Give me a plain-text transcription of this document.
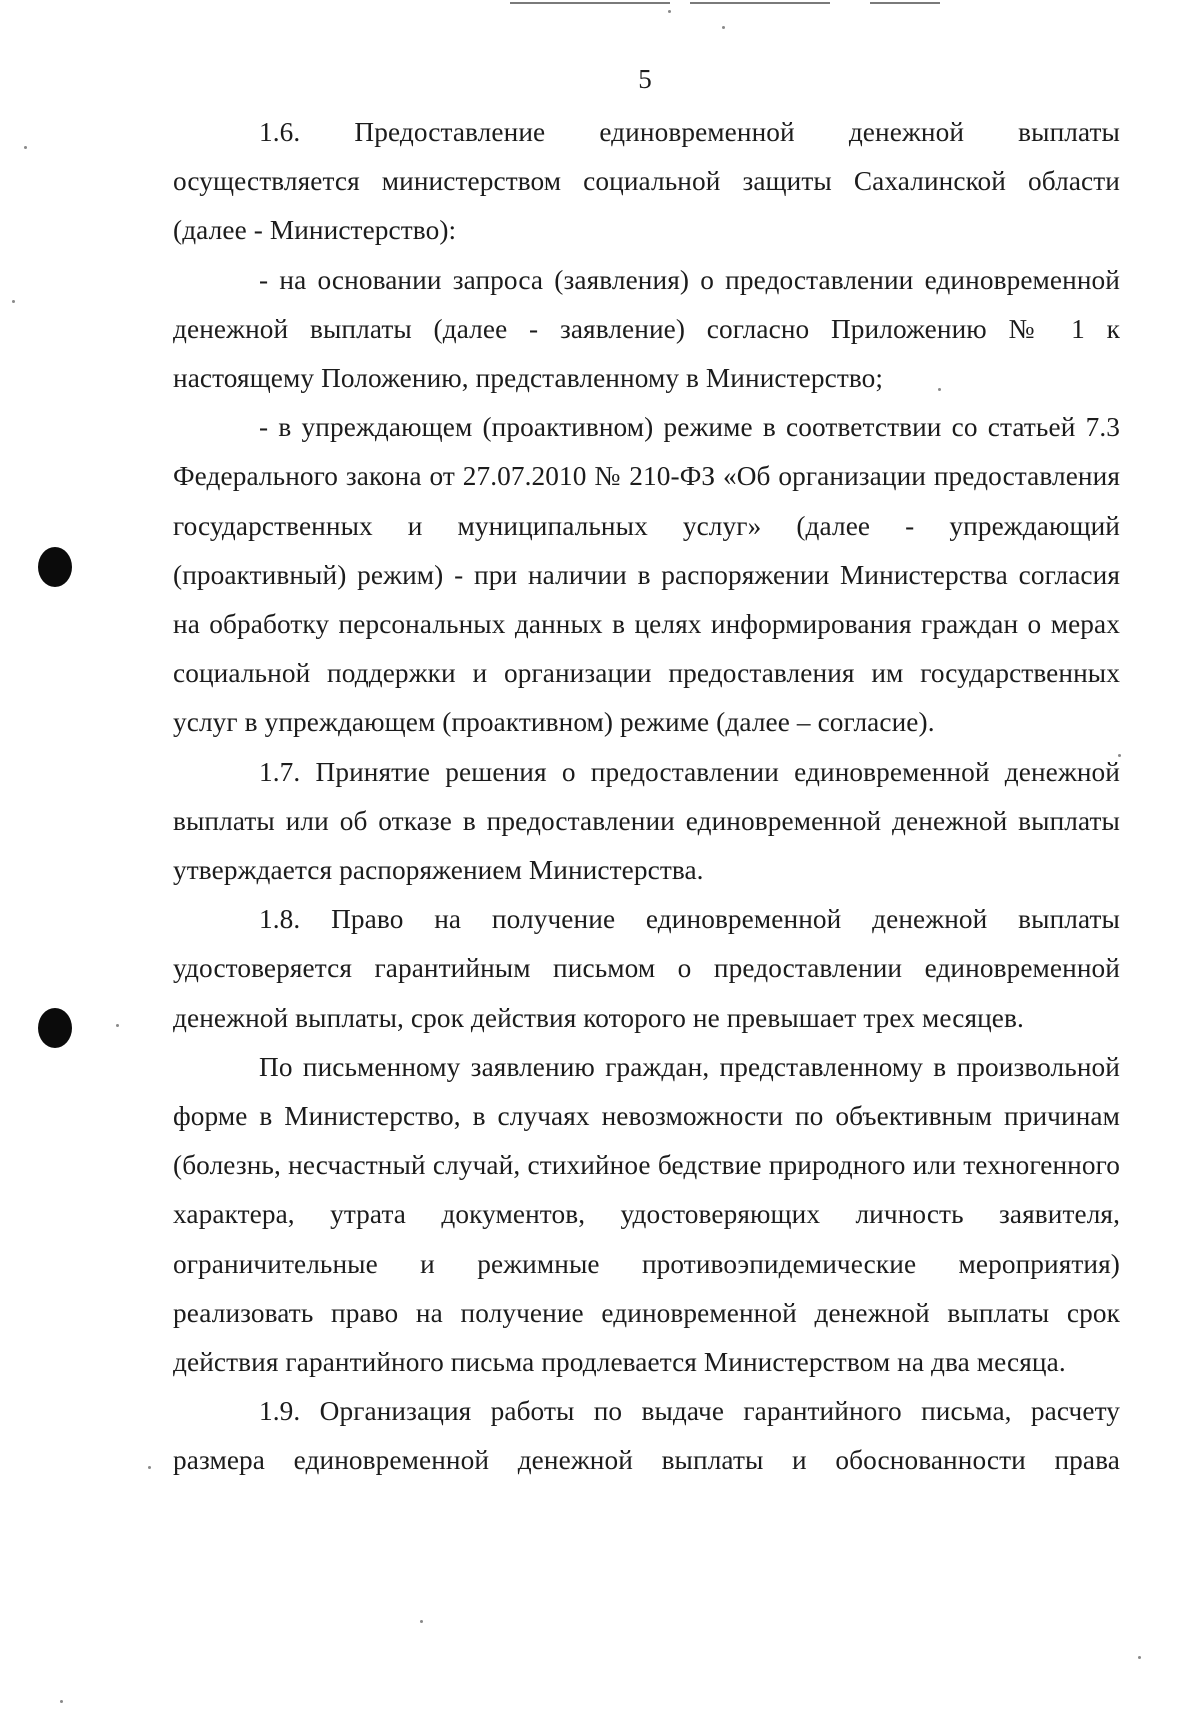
5

1.6. Предоставление единовременной денежной выплаты осуществляется министерством социальной защиты Сахалинской области (далее - Министерство):

- на основании запроса (заявления) о предоставлении единовременной денежной выплаты (далее - заявление) согласно Приложению № 1 к настоящему Положению, представленному в Министерство;

- в упреждающем (проактивном) режиме в соответствии со статьей 7.3 Федерального закона от 27.07.2010 № 210-ФЗ «Об организации предоставления государственных и муниципальных услуг» (далее - упреждающий (проактивный) режим) - при наличии в распоряжении Министерства согласия на обработку персональных данных в целях информирования граждан о мерах социальной поддержки и организации предоставления им государственных услуг в упреждающем (проактивном) режиме (далее – согласие).

1.7. Принятие решения о предоставлении единовременной денежной выплаты или об отказе в предоставлении единовременной денежной выплаты утверждается распоряжением Министерства.

1.8. Право на получение единовременной денежной выплаты удостоверяется гарантийным письмом о предоставлении единовременной денежной выплаты, срок действия которого не превышает трех месяцев.

По письменному заявлению граждан, представленному в произвольной форме в Министерство, в случаях невозможности по объективным причинам (болезнь, несчастный случай, стихийное бедствие природного или техногенного характера, утрата документов, удостоверяющих личность заявителя, ограничительные и режимные противоэпидемические мероприятия) реализовать право на получение единовременной денежной выплаты срок действия гарантийного письма продлевается Министерством на два месяца.

1.9. Организация работы по выдаче гарантийного письма, расчету размера единовременной денежной выплаты и обоснованности права
